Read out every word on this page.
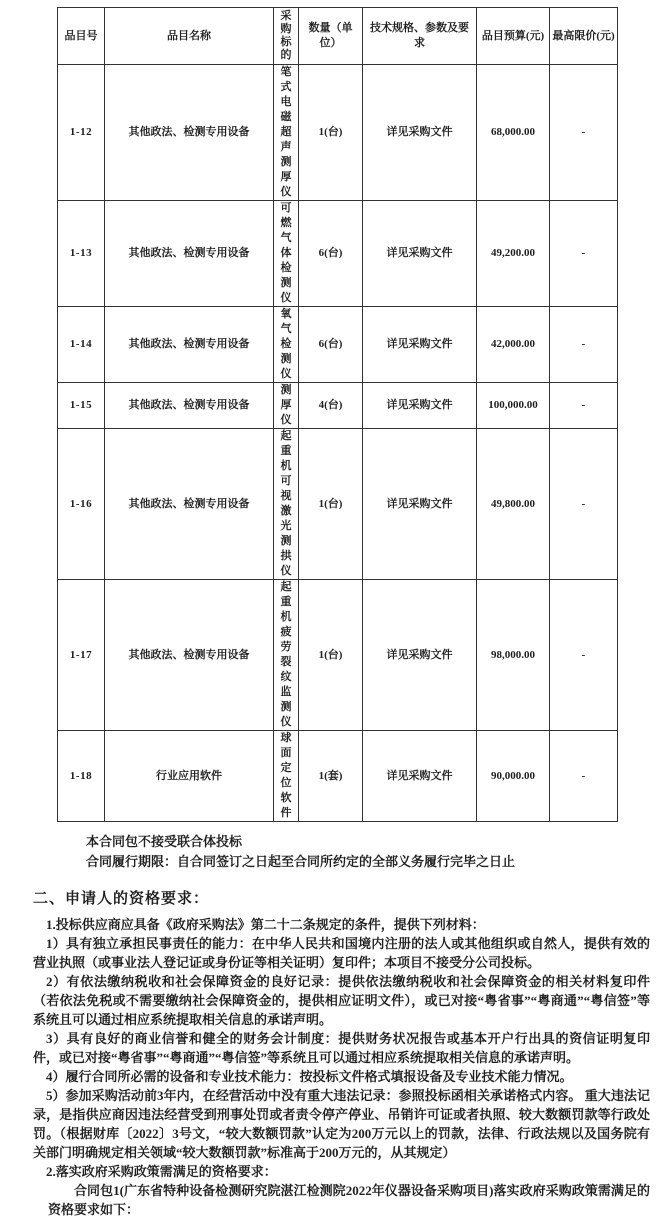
品目号	品目名称	采购标的	数量（单位）	技术规格、参数及要求	品目预算(元)	最高限价(元)
1-12	其他政法、检测专用设备	笔式电磁超声测厚仪	1(台)	详见采购文件	68,000.00	-
1-13	其他政法、检测专用设备	可燃气体检测仪	6(台)	详见采购文件	49,200.00	-
1-14	其他政法、检测专用设备	氧气检测仪	6(台)	详见采购文件	42,000.00	-
1-15	其他政法、检测专用设备	测厚仪	4(台)	详见采购文件	100,000.00	-
1-16	其他政法、检测专用设备	起重机可视激光测拱仪	1(台)	详见采购文件	49,800.00	-
1-17	其他政法、检测专用设备	起重机疲劳裂纹监测仪	1(台)	详见采购文件	98,000.00	-
1-18	行业应用软件	球面定位软件	1(套)	详见采购文件	90,000.00	-

本合同包不接受联合体投标

合同履行期限：自合同签订之日起至合同所约定的全部义务履行完毕之日止

二、申请人的资格要求：

1.投标供应商应具备《政府采购法》第二十二条规定的条件，提供下列材料：

1）具有独立承担民事责任的能力：在中华人民共和国境内注册的法人或其他组织或自然人，提供有效的营业执照（或事业法人登记证或身份证等相关证明）复印件；本项目不接受分公司投标。

2）有依法缴纳税收和社会保障资金的良好记录：提供依法缴纳税收和社会保障资金的相关材料复印件（若依法免税或不需要缴纳社会保障资金的，提供相应证明文件），或已对接“粤省事”“粤商通”“粤信签”等系统且可以通过相应系统提取相关信息的承诺声明。

3）具有良好的商业信誉和健全的财务会计制度：提供财务状况报告或基本开户行出具的资信证明复印件，或已对接“粤省事”“粤商通”“粤信签”等系统且可以通过相应系统提取相关信息的承诺声明。

4）履行合同所必需的设备和专业技术能力：按投标文件格式填报设备及专业技术能力情况。

5）参加采购活动前3年内，在经营活动中没有重大违法记录：参照投标函相关承诺格式内容。 重大违法记录，是指供应商因违法经营受到刑事处罚或者责令停产停业、吊销许可证或者执照、较大数额罚款等行政处罚。（根据财库〔2022〕3号文，“较大数额罚款”认定为200万元以上的罚款，法律、行政法规以及国务院有关部门明确规定相关领域“较大数额罚款”标准高于200万元的，从其规定）

2.落实政府采购政策需满足的资格要求：

合同包1(广东省特种设备检测研究院湛江检测院2022年仪器设备采购项目)落实政府采购政策需满足的资格要求如下：
